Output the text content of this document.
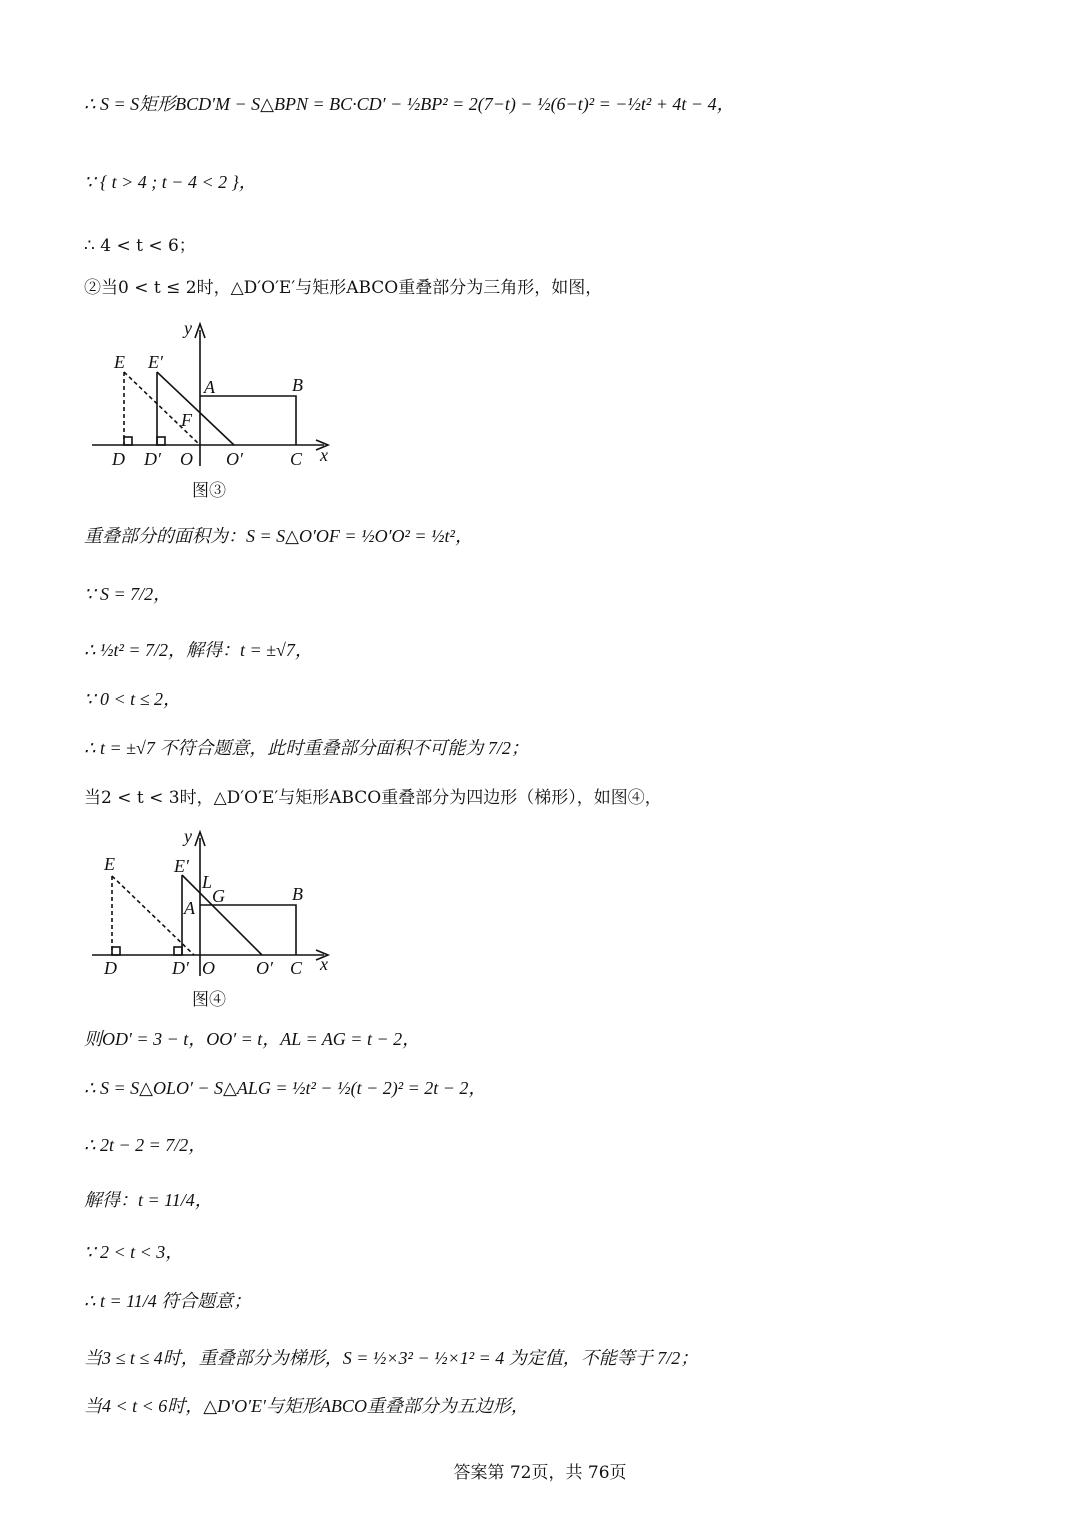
∴ S = S矩形BCD′M − S△BPN = BC·CD′ − ½BP² = 2(7−t) − ½(6−t)² = −½t² + 4t − 4，
∵ { t > 4 ; t − 4 < 2 }，
∴ 4 < t < 6；
②当0 < t ≤ 2时，△D′O′E′与矩形ABCO重叠部分为三角形，如图，
y
E E′
A	B
F
D D′ O O′	C x
图③
重叠部分的面积为：S = S△O′OF = ½O′O² = ½t²，
∵ S = 7/2，
∴ ½t² = 7/2，解得：t = ±√7，
∵ 0 < t ≤ 2，
∴ t = ±√7 不符合题意，此时重叠部分面积不可能为 7/2；
当2 < t < 3时，△D′O′E′与矩形ABCO重叠部分为四边形（梯形），如图④，
y
E	E′
L
G	B
A
D	D′ O O′ C x
图④
则OD′ = 3 − t，OO′ = t，AL = AG = t − 2，
∴ S = S△OLO′ − S△ALG = ½t² − ½(t − 2)² = 2t − 2，
∴ 2t − 2 = 7/2，
解得：t = 11/4，
∵ 2 < t < 3，
∴ t = 11/4 符合题意；
当3 ≤ t ≤ 4时，重叠部分为梯形，S = ½×3² − ½×1² = 4 为定值，不能等于 7/2；
当4 < t < 6时，△D′O′E′与矩形ABCO重叠部分为五边形，
答案第 72页，共 76页
